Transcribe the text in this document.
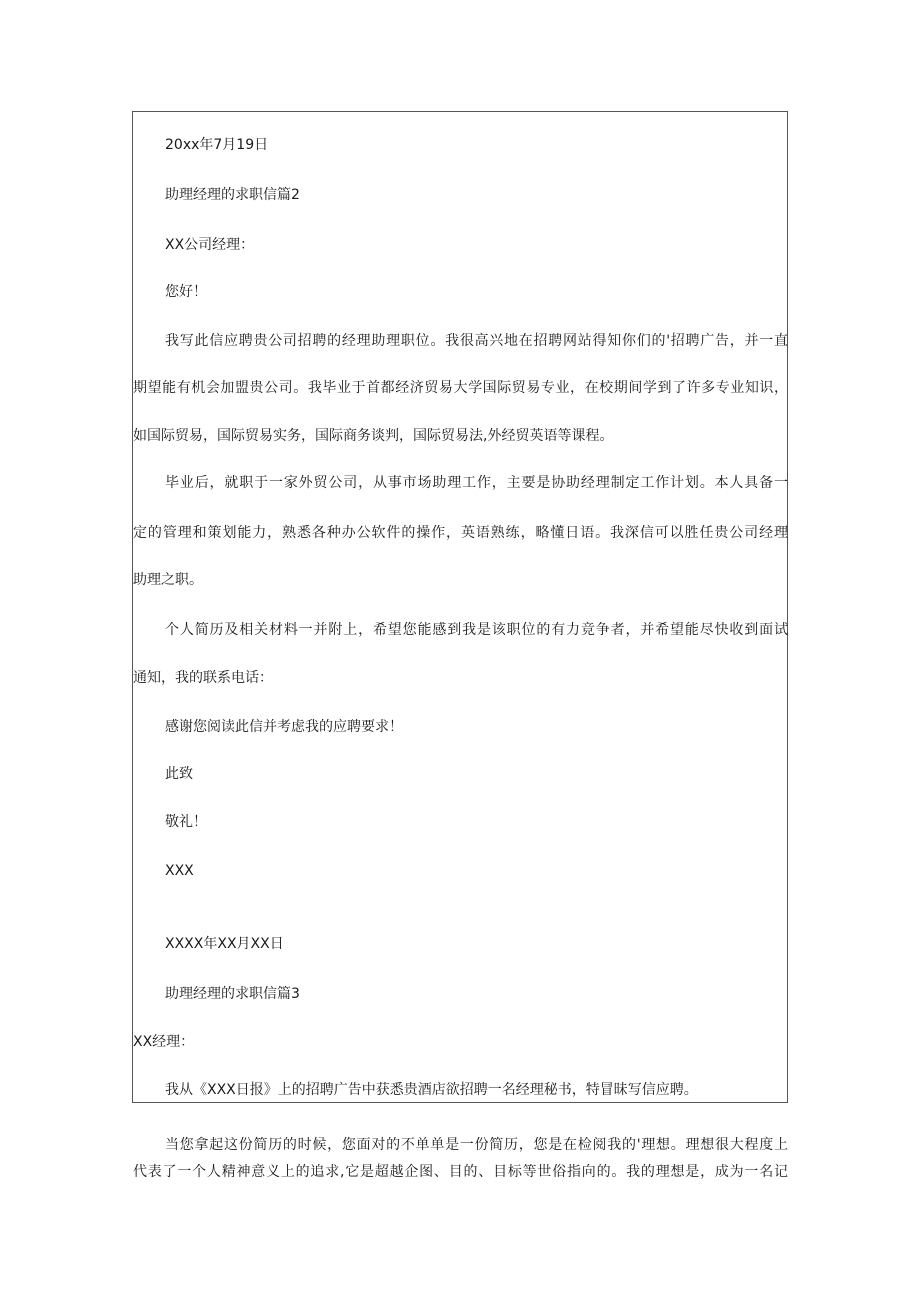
20xx年7月19日
助理经理的求职信篇2
XX公司经理：
您好！
我写此信应聘贵公司招聘的经理助理职位。我很高兴地在招聘网站得知你们的'招聘广告，并一直
期望能有机会加盟贵公司。我毕业于首都经济贸易大学国际贸易专业，在校期间学到了许多专业知识，
如国际贸易，国际贸易实务，国际商务谈判，国际贸易法,外经贸英语等课程。
毕业后，就职于一家外贸公司，从事市场助理工作，主要是协助经理制定工作计划。本人具备一
定的管理和策划能力，熟悉各种办公软件的操作，英语熟练，略懂日语。我深信可以胜任贵公司经理
助理之职。
个人简历及相关材料一并附上，希望您能感到我是该职位的有力竞争者，并希望能尽快收到面试
通知，我的联系电话：
感谢您阅读此信并考虑我的应聘要求！
此致
敬礼！
XXX
XXXX年XX月XX日
助理经理的求职信篇3
XX经理：
我从《XXX日报》上的招聘广告中获悉贵酒店欲招聘一名经理秘书，特冒昧写信应聘。
当您拿起这份简历的时候，您面对的不单单是一份简历，您是在检阅我的'理想。理想很大程度上
代表了一个人精神意义上的追求,它是超越企图、目的、目标等世俗指向的。我的理想是，成为一名记
